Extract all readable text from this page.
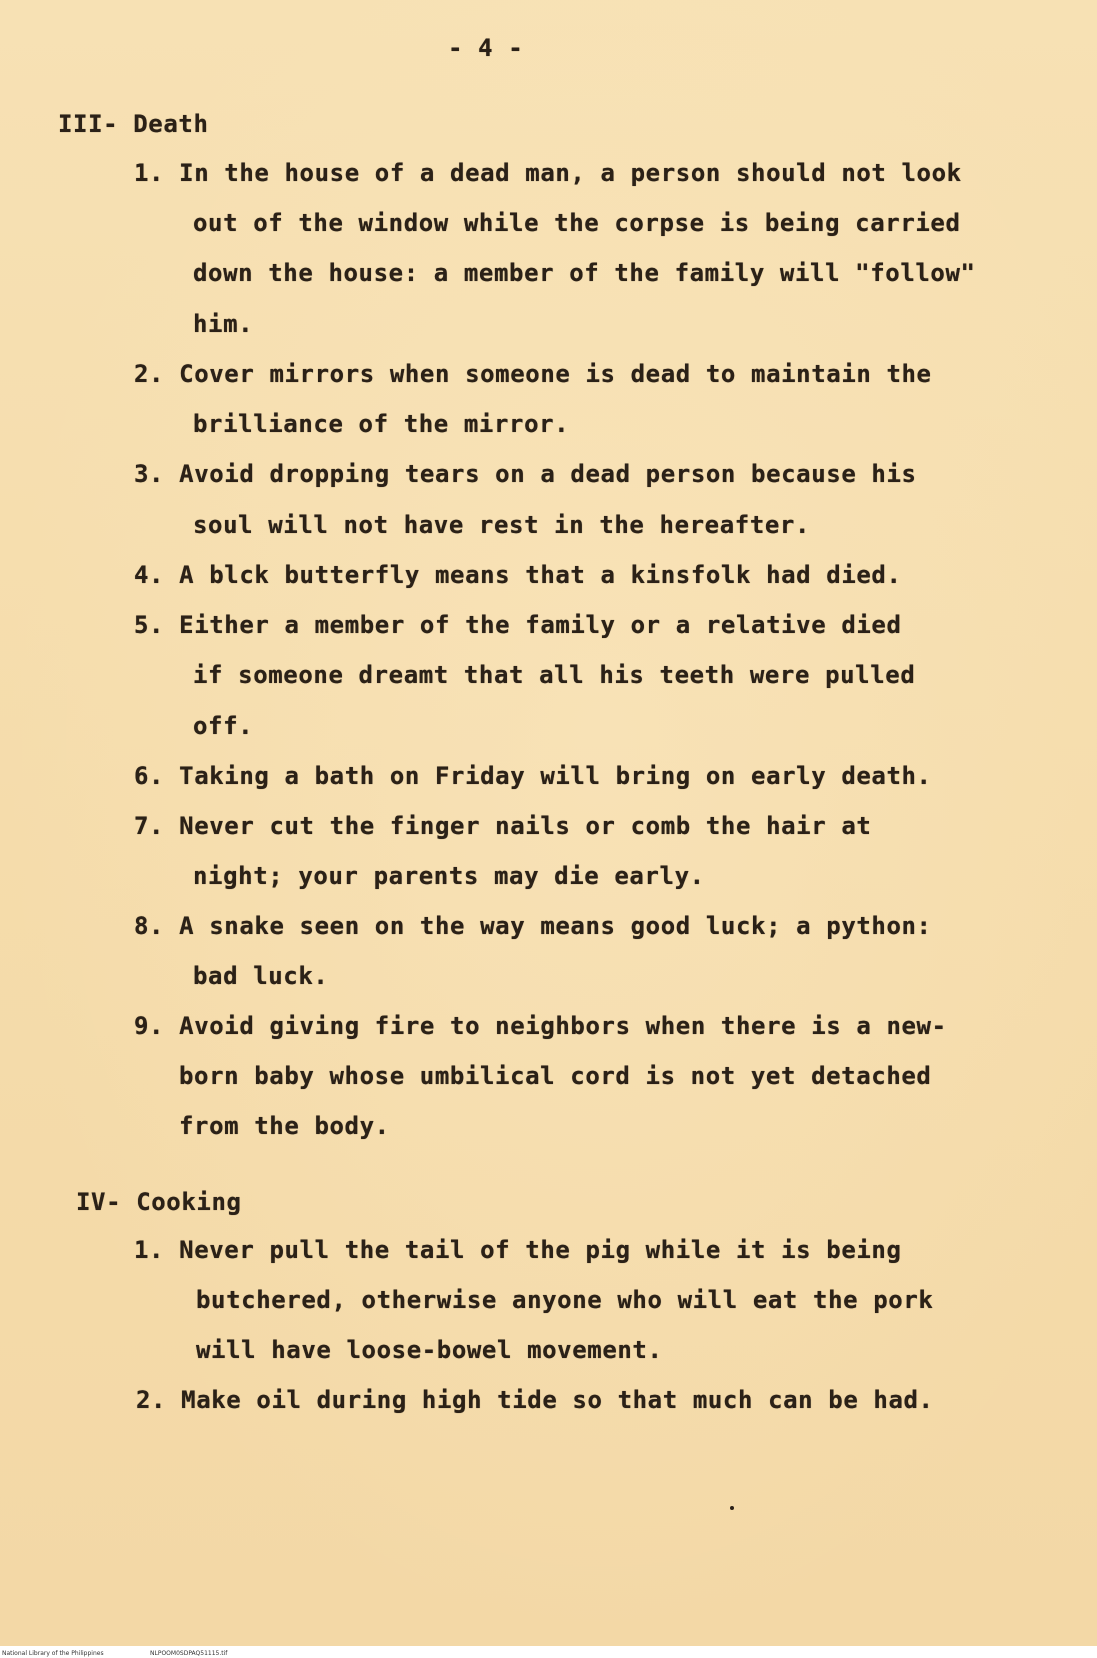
- 4 -
III- Death
1. In the house of a dead man, a person should not look
out of the window while the corpse is being carried
down the house: a member of the family will "follow"
him.
2. Cover mirrors when someone is dead to maintain the
brilliance of the mirror.
3. Avoid dropping tears on a dead person because his
soul will not have rest in the hereafter.
4. A blck butterfly means that a kinsfolk had died.
5. Either a member of the family or a relative died
if someone dreamt that all his teeth were pulled
off.
6. Taking a bath on Friday will bring on early death.
7. Never cut the finger nails or comb the hair at
night; your parents may die early.
8. A snake seen on the way means good luck; a python:
bad luck.
9. Avoid giving fire to neighbors when there is a new-
born baby whose umbilical cord is not yet detached
from the body.
IV- Cooking
1. Never pull the tail of the pig while it is being
butchered, otherwise anyone who will eat the pork
will have loose-bowel movement.
2. Make oil during high tide so that much can be had.
National Library of the Philippines	NLPOOM0SDPAQ51115.tif
